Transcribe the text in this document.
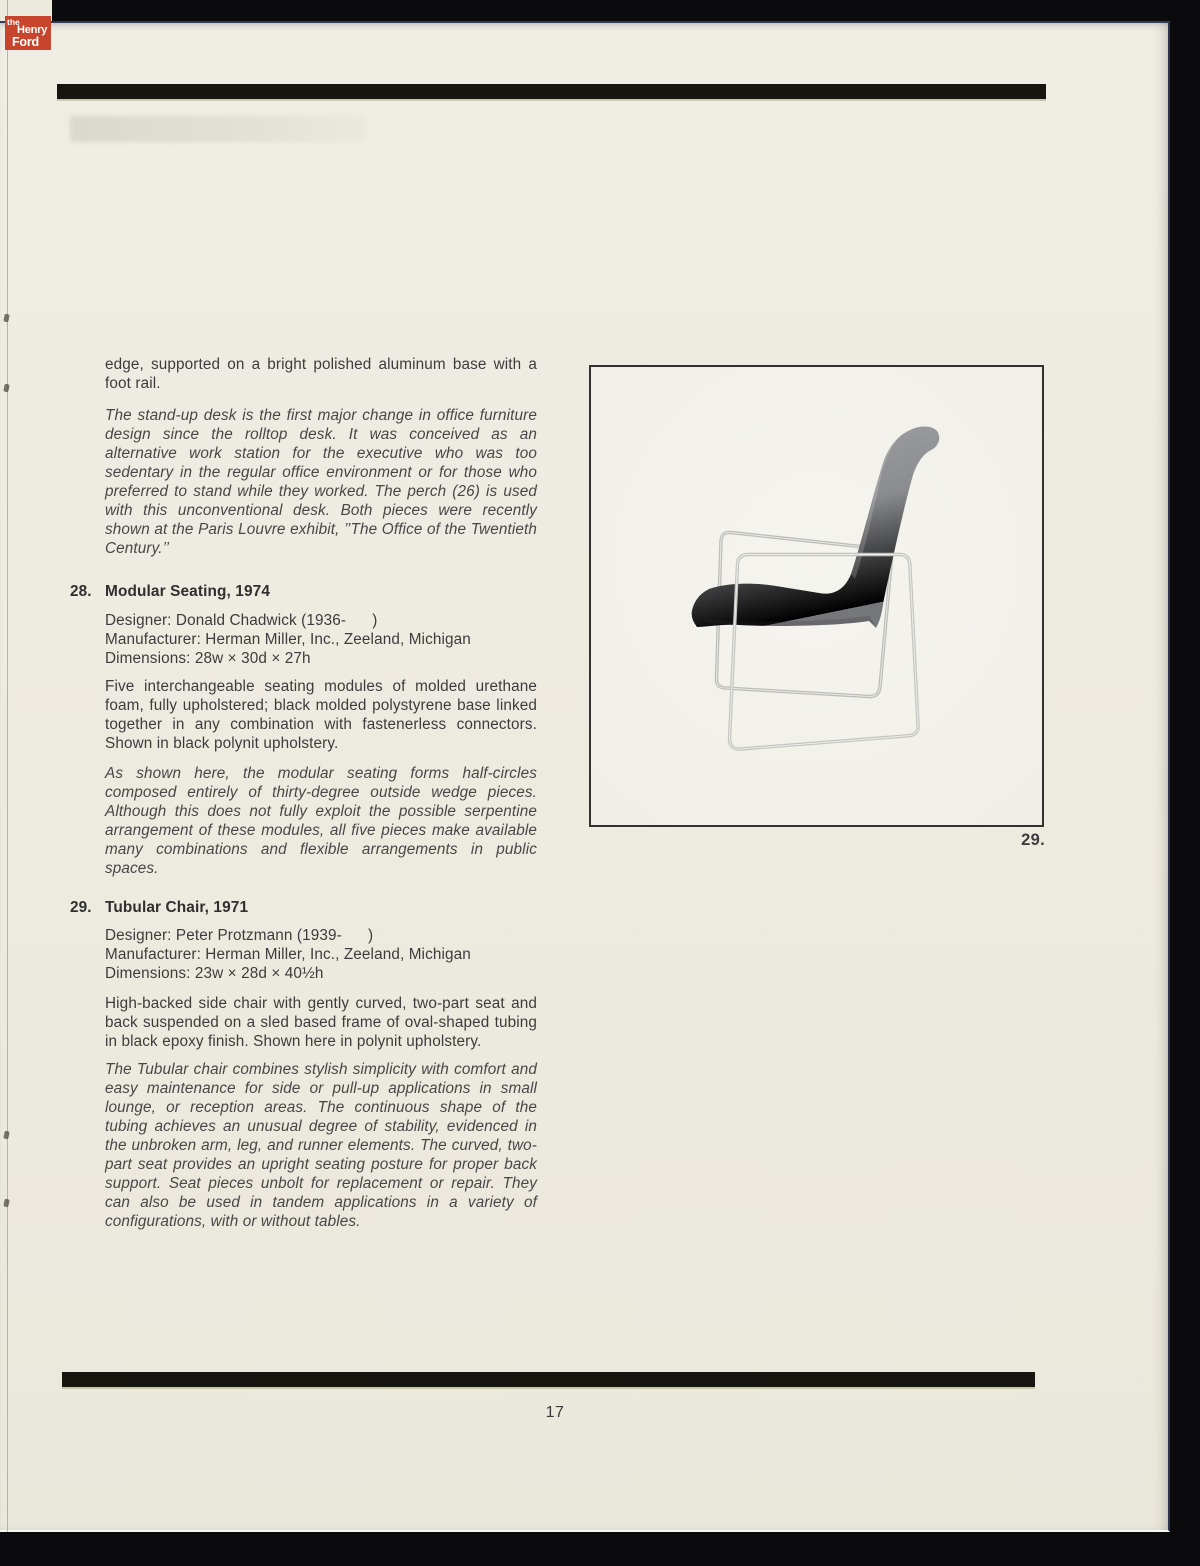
the
Henry
Ford

edge, supported on a bright polished aluminum base with a foot rail.

The stand-up desk is the first major change in office furniture design since the rolltop desk. It was conceived as an alternative work station for the executive who was too sedentary in the regular office environment or for those who preferred to stand while they worked. The perch (26) is used with this unconventional desk. Both pieces were recently shown at the Paris Louvre exhibit, ’’The Office of the Twentieth Century.’’

28. Modular Seating, 1974
Designer: Donald Chadwick (1936-      )
Manufacturer: Herman Miller, Inc., Zeeland, Michigan
Dimensions: 28w × 30d × 27h

Five interchangeable seating modules of molded urethane foam, fully upholstered; black molded polystyrene base linked together in any combination with fastenerless connectors. Shown in black polynit upholstery.

As shown here, the modular seating forms half-circles composed entirely of thirty-degree outside wedge pieces. Although this does not fully exploit the possible serpentine arrangement of these modules, all five pieces make available many combinations and flexible arrangements in public spaces.

29. Tubular Chair, 1971
Designer: Peter Protzmann (1939-      )
Manufacturer: Herman Miller, Inc., Zeeland, Michigan
Dimensions: 23w × 28d × 40½h

High-backed side chair with gently curved, two-part seat and back suspended on a sled based frame of oval-shaped tubing in black epoxy finish. Shown here in polynit upholstery.

The Tubular chair combines stylish simplicity with comfort and easy maintenance for side or pull-up applications in small lounge, or reception areas. The continuous shape of the tubing achieves an unusual degree of stability, evidenced in the unbroken arm, leg, and runner elements. The curved, two-part seat provides an upright seating posture for proper back support. Seat pieces unbolt for replacement or repair. They can also be used in tandem applications in a variety of configurations, with or without tables.

29.
17
